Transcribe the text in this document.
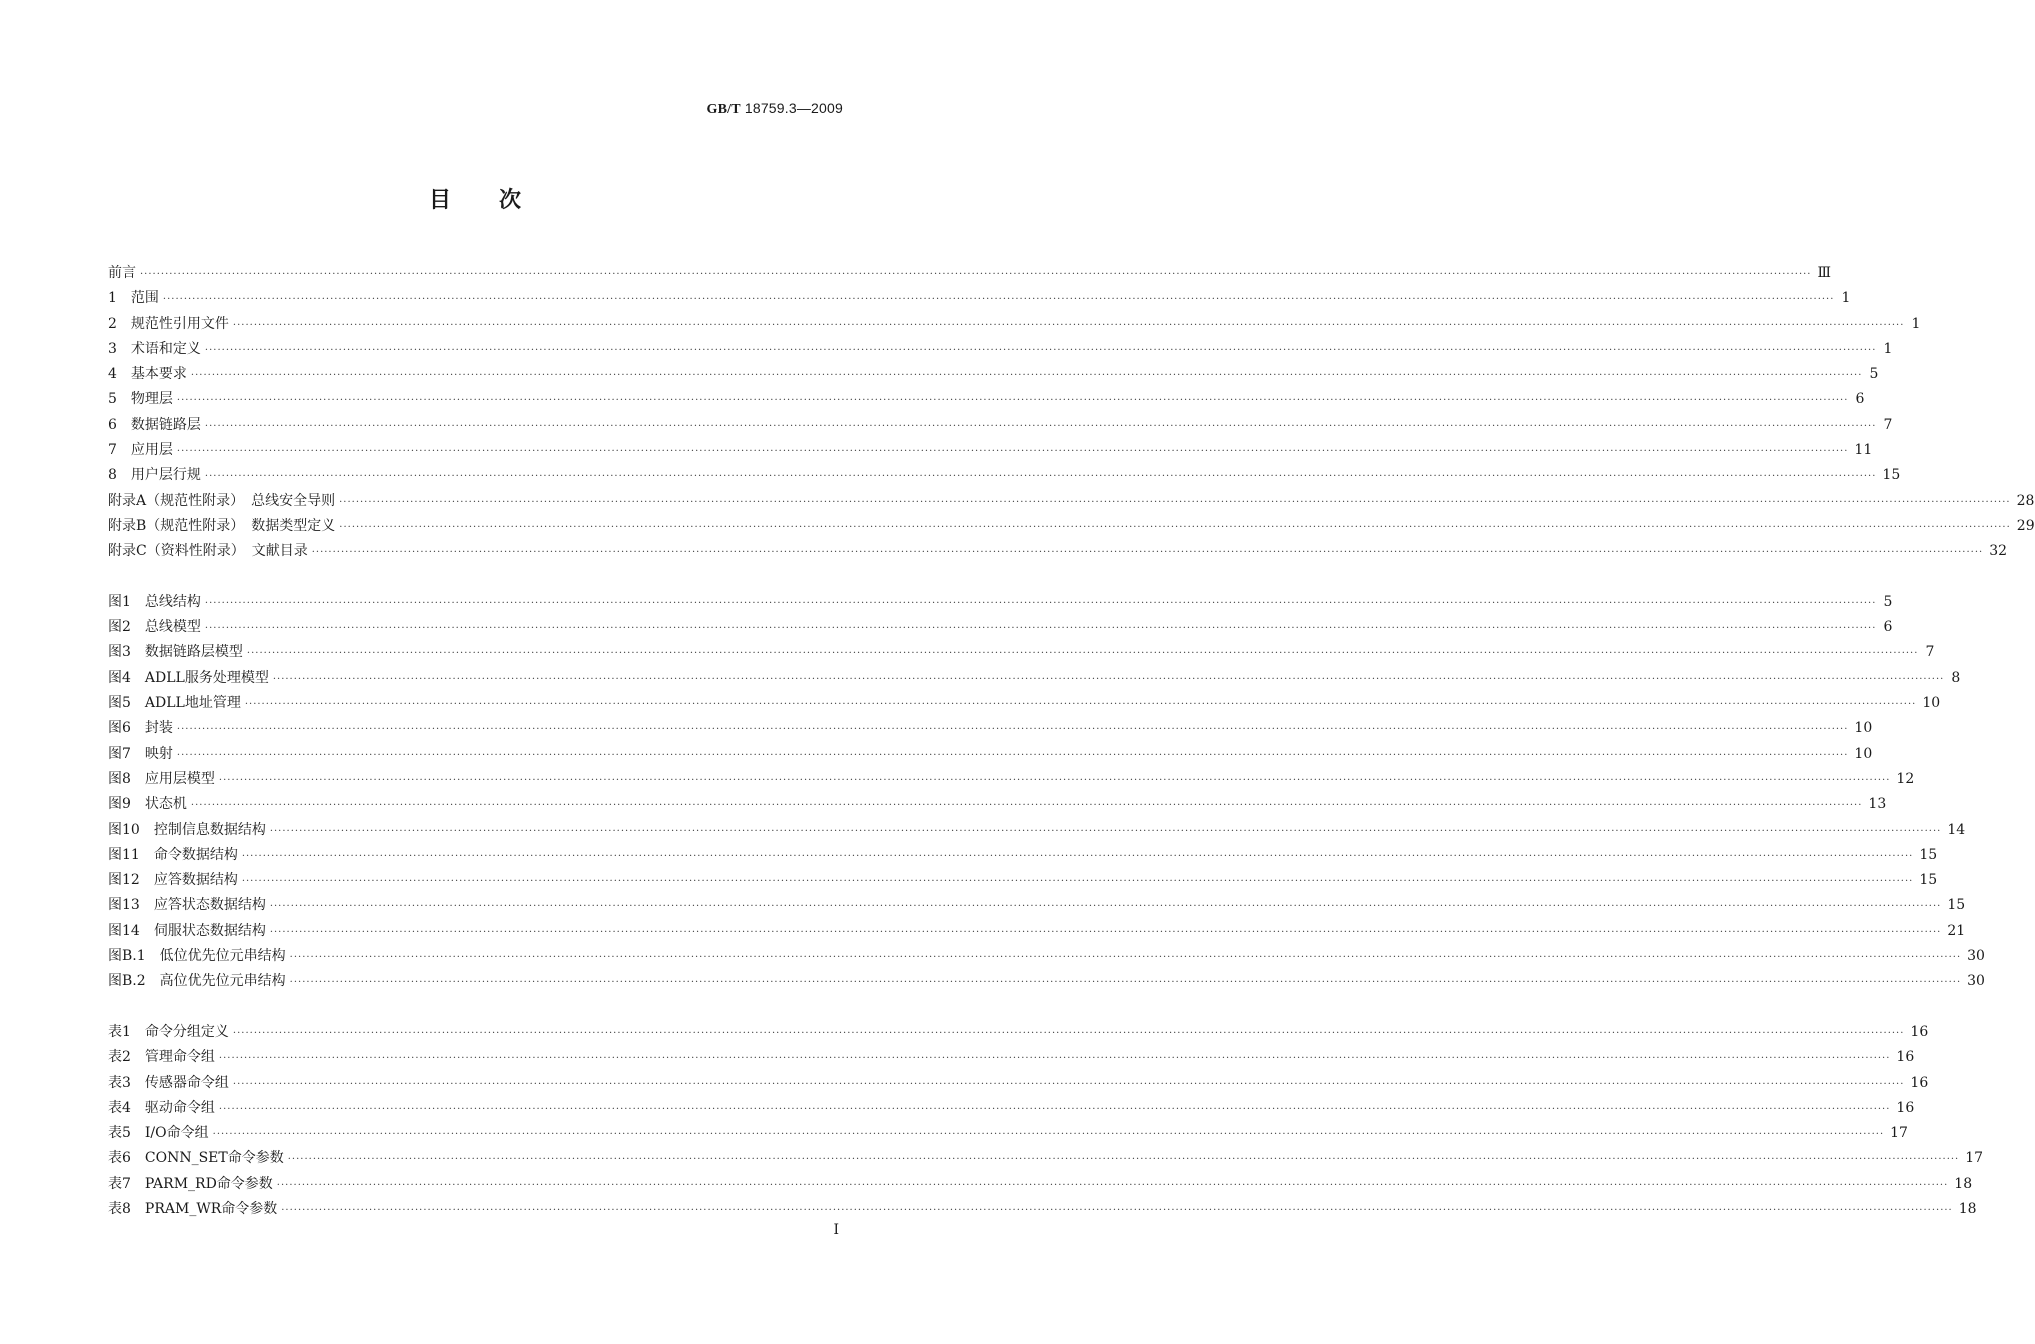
GB/T 18759.3—2009
目次
前言 ················································································································································································································································································································································································································ Ⅲ
1　范围 ················································································································································································································································································································································································································ 1
2　规范性引用文件 ················································································································································································································································································································································································································ 1
3　术语和定义 ················································································································································································································································································································································································································ 1
4　基本要求 ················································································································································································································································································································································································································ 5
5　物理层 ················································································································································································································································································································································································································ 6
6　数据链路层 ················································································································································································································································································································································································································ 7
7　应用层 ················································································································································································································································································································································································································ 11
8　用户层行规 ················································································································································································································································································································································································································ 15
附录A（规范性附录）　总线安全导则 ················································································································································································································································································································································································································ 28
附录B（规范性附录）　数据类型定义 ················································································································································································································································································································································································································ 29
附录C（资料性附录）　文献目录 ················································································································································································································································································································································································································ 32
图1　总线结构 ················································································································································································································································································································································································································ 5
图2　总线模型 ················································································································································································································································································································································································································ 6
图3　数据链路层模型 ················································································································································································································································································································································································································ 7
图4　ADLL服务处理模型 ················································································································································································································································································································································································································ 8
图5　ADLL地址管理 ················································································································································································································································································································································································································ 10
图6　封装 ················································································································································································································································································································································································································ 10
图7　映射 ················································································································································································································································································································································································································ 10
图8　应用层模型 ················································································································································································································································································································································································································ 12
图9　状态机 ················································································································································································································································································································································································································ 13
图10　控制信息数据结构 ················································································································································································································································································································································································································ 14
图11　命令数据结构 ················································································································································································································································································································································································································ 15
图12　应答数据结构 ················································································································································································································································································································································································································ 15
图13　应答状态数据结构 ················································································································································································································································································································································································································ 15
图14　伺服状态数据结构 ················································································································································································································································································································································································································ 21
图B.1　低位优先位元串结构 ················································································································································································································································································································································································································ 30
图B.2　高位优先位元串结构 ················································································································································································································································································································································································································ 30
表1　命令分组定义 ················································································································································································································································································································································································································ 16
表2　管理命令组 ················································································································································································································································································································································································································ 16
表3　传感器命令组 ················································································································································································································································································································································································································ 16
表4　驱动命令组 ················································································································································································································································································································································································································ 16
表5　I/O命令组 ················································································································································································································································································································································································································ 17
表6　CONN_SET命令参数 ················································································································································································································································································································································································································ 17
表7　PARM_RD命令参数 ················································································································································································································································································································································································································ 18
表8　PRAM_WR命令参数 ················································································································································································································································································································································································································ 18
I
